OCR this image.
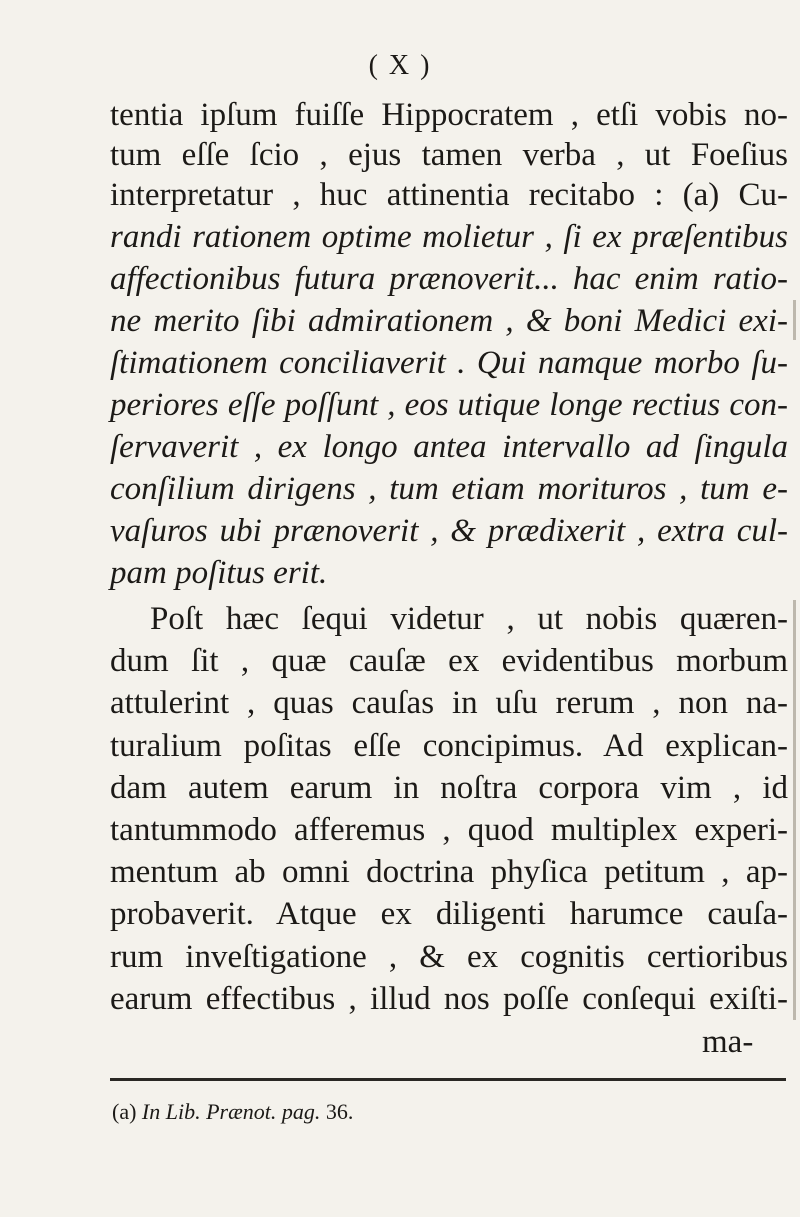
( X )
tentia ipſum fuiſſe Hippocratem , etſi vobis no-
tum eſſe ſcio , ejus tamen verba , ut Foeſius
interpretatur , huc attinentia recitabo : (a) Cu-
randi rationem optime molietur , ſi ex præſentibus
affectionibus futura prænoverit... hac enim ratio-
ne merito ſibi admirationem , & boni Medici exi-
ſtimationem conciliaverit . Qui namque morbo ſu-
periores eſſe poſſunt , eos utique longe rectius con-
ſervaverit , ex longo antea intervallo ad ſingula
conſilium dirigens , tum etiam morituros , tum e-
vaſuros ubi prænoverit , & prædixerit , extra cul-
pam poſitus erit.
Poſt hæc ſequi videtur , ut nobis quæren-
dum ſit , quæ cauſæ ex evidentibus morbum
attulerint , quas cauſas in uſu rerum , non na-
turalium poſitas eſſe concipimus. Ad explican-
dam autem earum in noſtra corpora vim , id
tantummodo afferemus , quod multiplex experi-
mentum ab omni doctrina phyſica petitum , ap-
probaverit. Atque ex diligenti harumce cauſa-
rum inveſtigatione , & ex cognitis certioribus
earum effectibus , illud nos poſſe conſequi exiſti-
ma-
(a) In Lib. Prænot. pag. 36.
